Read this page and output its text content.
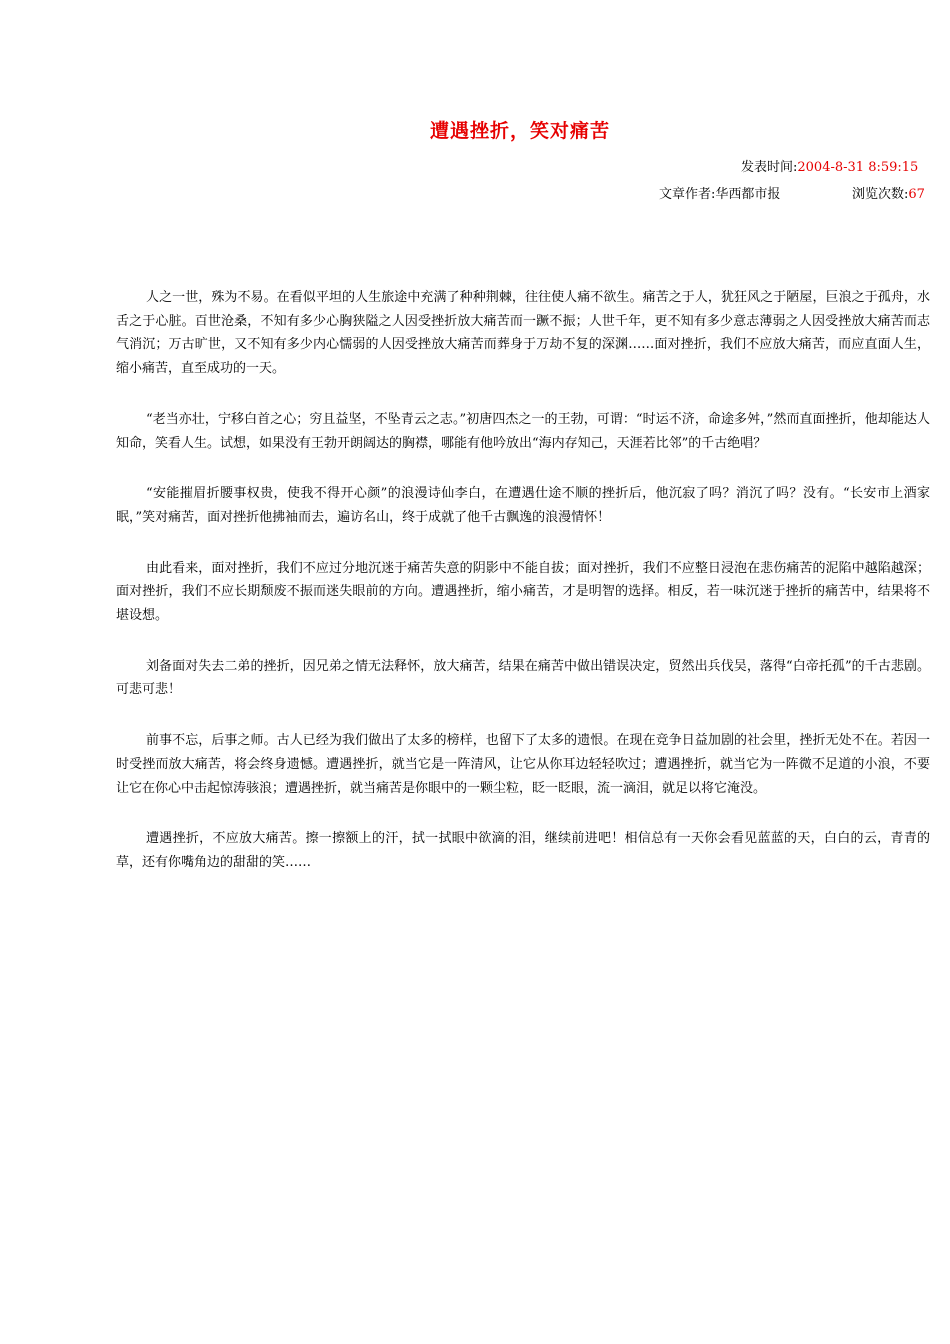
遭遇挫折，笑对痛苦
发表时间:2004-8-31 8:59:15
文章作者:华西都市报	浏览次数:67

人之一世，殊为不易。在看似平坦的人生旅途中充满了种种荆棘，往往使人痛不欲生。痛苦之于人，犹狂风之于陋屋，巨浪之于孤舟，水舌之于心脏。百世沧桑，不知有多少心胸狭隘之人因受挫折放大痛苦而一蹶不振；人世千年，更不知有多少意志薄弱之人因受挫放大痛苦而志气消沉；万古旷世，又不知有多少内心懦弱的人因受挫放大痛苦而葬身于万劫不复的深渊……面对挫折，我们不应放大痛苦，而应直面人生，缩小痛苦，直至成功的一天。

“老当亦壮，宁移白首之心；穷且益坚，不坠青云之志。”初唐四杰之一的王勃，可谓：“时运不济，命途多舛，”然而直面挫折，他却能达人知命，笑看人生。试想，如果没有王勃开朗阔达的胸襟，哪能有他吟放出“海内存知己，天涯若比邻”的千古绝唱？

“安能摧眉折腰事权贵，使我不得开心颜”的浪漫诗仙李白，在遭遇仕途不顺的挫折后，他沉寂了吗？消沉了吗？没有。“长安市上酒家眠，”笑对痛苦，面对挫折他拂袖而去，遍访名山，终于成就了他千古飘逸的浪漫情怀！

由此看来，面对挫折，我们不应过分地沉迷于痛苦失意的阴影中不能自拔；面对挫折，我们不应整日浸泡在悲伤痛苦的泥陷中越陷越深；面对挫折，我们不应长期颓废不振而迷失眼前的方向。遭遇挫折，缩小痛苦，才是明智的选择。相反，若一味沉迷于挫折的痛苦中，结果将不堪设想。

刘备面对失去二弟的挫折，因兄弟之情无法释怀，放大痛苦，结果在痛苦中做出错误决定，贸然出兵伐吴，落得“白帝托孤”的千古悲剧。可悲可悲！

前事不忘，后事之师。古人已经为我们做出了太多的榜样，也留下了太多的遗恨。在现在竞争日益加剧的社会里，挫折无处不在。若因一时受挫而放大痛苦，将会终身遗憾。遭遇挫折，就当它是一阵清风，让它从你耳边轻轻吹过；遭遇挫折，就当它为一阵微不足道的小浪，不要让它在你心中击起惊涛骇浪；遭遇挫折，就当痛苦是你眼中的一颗尘粒，眨一眨眼，流一滴泪，就足以将它淹没。

遭遇挫折，不应放大痛苦。擦一擦额上的汗，拭一拭眼中欲滴的泪，继续前进吧！相信总有一天你会看见蓝蓝的天，白白的云，青青的草，还有你嘴角边的甜甜的笑……
